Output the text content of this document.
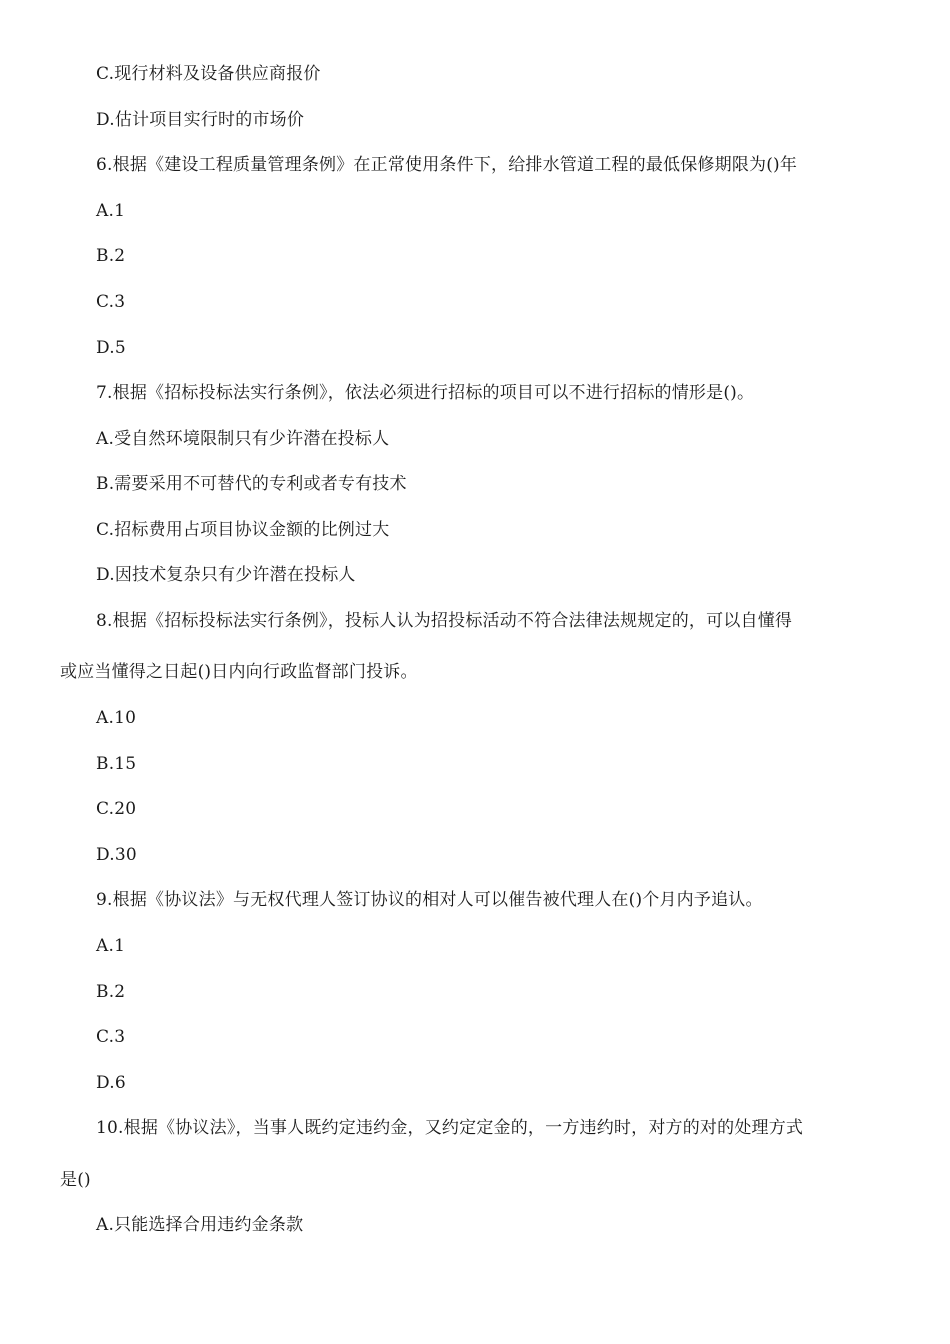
C.现行材料及设备供应商报价
D.估计项目实行时的市场价
6.根据《建设工程质量管理条例》在正常使用条件下，给排水管道工程的最低保修期限为()年
A.1
B.2
C.3
D.5
7.根据《招标投标法实行条例》，依法必须进行招标的项目可以不进行招标的情形是()。
A.受自然环境限制只有少许潜在投标人
B.需要采用不可替代的专利或者专有技术
C.招标费用占项目协议金额的比例过大
D.因技术复杂只有少许潜在投标人
8.根据《招标投标法实行条例》，投标人认为招投标活动不符合法律法规规定的，可以自懂得
或应当懂得之日起()日内向行政监督部门投诉。
A.10
B.15
C.20
D.30
9.根据《协议法》与无权代理人签订协议的相对人可以催告被代理人在()个月内予追认。
A.1
B.2
C.3
D.6
10.根据《协议法》，当事人既约定违约金，又约定定金的，一方违约时，对方的对的处理方式
是()
A.只能选择合用违约金条款
